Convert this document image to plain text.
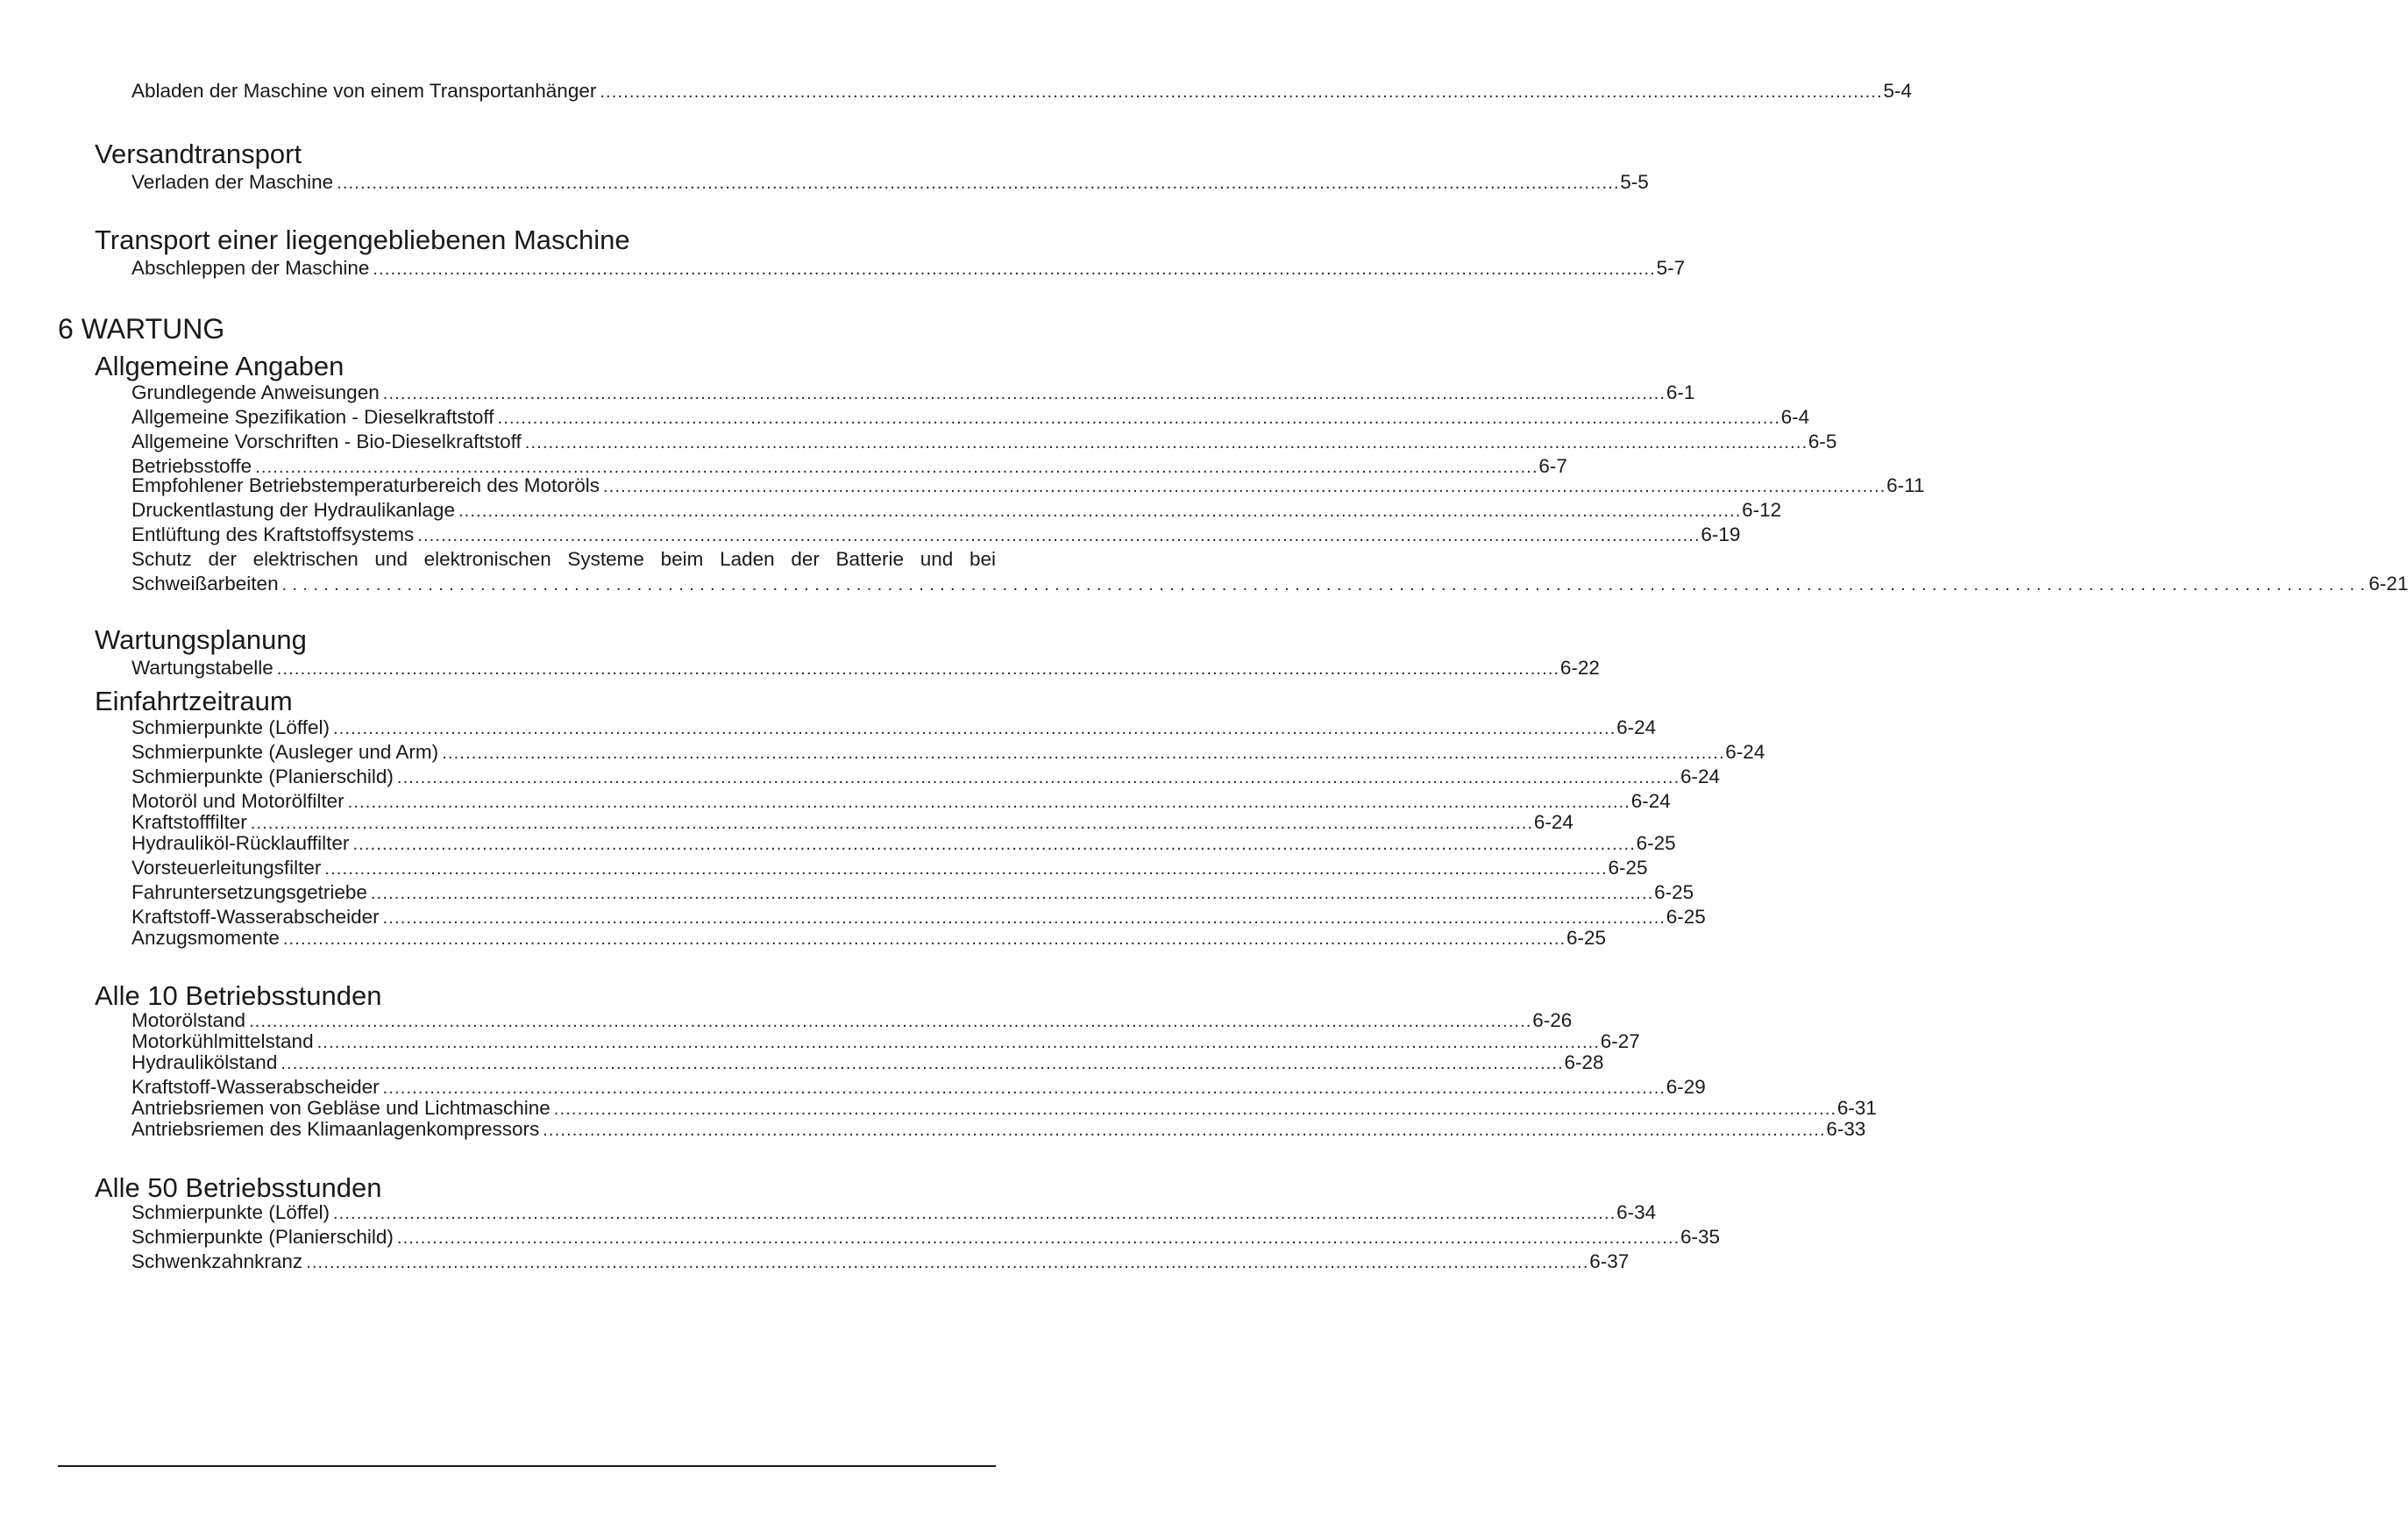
Abladen der Maschine von einem Transportanhänger . . .	5-4
Versandtransport
Verladen der Maschine . . .	5-5
Transport einer liegengebliebenen Maschine
Abschleppen der Maschine . . .	5-7
6 WARTUNG
Allgemeine Angaben
Grundlegende Anweisungen . . .	6-1
Allgemeine Spezifikation - Dieselkraftstoff . . .	6-4
Allgemeine Vorschriften - Bio-Dieselkraftstoff . . .	6-5
Betriebsstoffe . . .	6-7
Empfohlener Betriebstemperaturbereich des Motoröls . . .	6-11
Druckentlastung der Hydraulikanlage . . .	6-12
Entlüftung des Kraftstoffsystems . . .	6-19
Schutz der elektrischen und elektronischen Systeme beim Laden der Batterie und bei
Schweißarbeiten . . . . . . . . . . . . . . . . . . . . . . . . . . . . . . . . . . . . . . . . . . . . . . . . . . . . . . . . . . . . . . . . . . . . . . . . . . . . . . . . . . . . . . . . . . . . . . . . . . . . . . . . . . . . . . . . . . . . . . . . . . . . . . . . . . . . . . . . . . . . . . . . . . . . . . . . . . . . . . . . . . . . . . . . . . . . . . . . . . . . . . . . . . . . . . . . . . . . . . . . 6-21
Wartungsplanung
Wartungstabelle . . .	6-22
Einfahrtzeitraum
Schmierpunkte (Löffel) . . .	6-24
Schmierpunkte (Ausleger und Arm) . . .	6-24
Schmierpunkte (Planierschild) . . .	6-24
Motoröl und Motorölfilter . . .	6-24
Kraftstofffilter . . .	6-24
Hydrauliköl-Rücklauffilter . . .	6-25
Vorsteuerleitungsfilter . . .	6-25
Fahruntersetzungsgetriebe . . .	6-25
Kraftstoff-Wasserabscheider . . .	6-25
Anzugsmomente . . .	6-25
Alle 10 Betriebsstunden
Motorölstand . . .	6-26
Motorkühlmittelstand . . .	6-27
Hydraulikölstand . . .	6-28
Kraftstoff-Wasserabscheider . . .	6-29
Antriebsriemen von Gebläse und Lichtmaschine . . .	6-31
Antriebsriemen des Klimaanlagenkompressors . . .	6-33
Alle 50 Betriebsstunden
Schmierpunkte (Löffel) . . .	6-34
Schmierpunkte (Planierschild) . . .	6-35
Schwenkzahnkranz . . .	6-37
